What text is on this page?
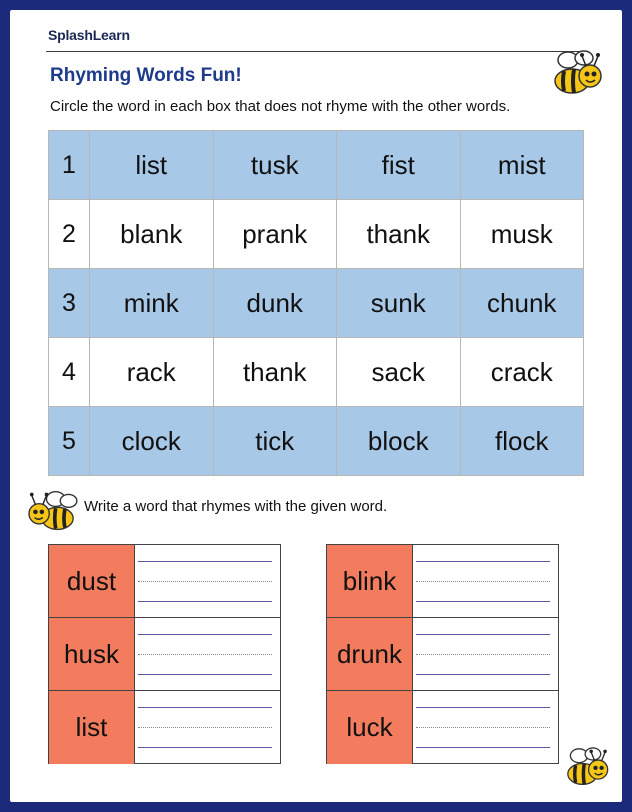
SplashLearn
Rhyming Words Fun!
Circle the word in each box that does not rhyme with the other words.
1	list	tusk	fist	mist
2	blank	prank	thank	musk
3	mink	dunk	sunk	chunk
4	rack	thank	sack	crack
5	clock	tick	block	flock
Write a word that rhymes with the given word.
dust
husk
list
blink
drunk
luck
